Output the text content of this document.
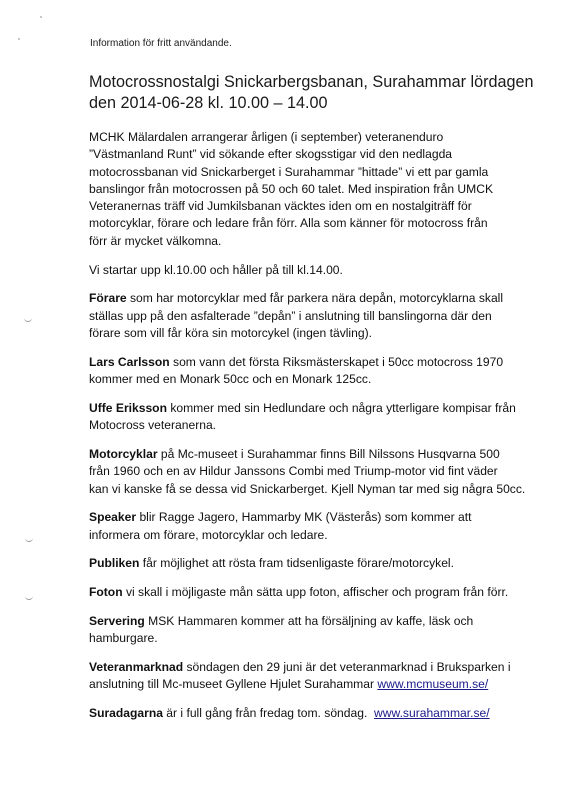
Information för fritt användande.
Motocrossnostalgi Snickarbergsbanan, Surahammar lördagen
den 2014-06-28 kl. 10.00 – 14.00

MCHK Mälardalen arrangerar årligen (i september) veteranenduro
”Västmanland Runt” vid sökande efter skogsstigar vid den nedlagda
motocrossbanan vid Snickarberget i Surahammar ”hittade” vi ett par gamla
banslingor från motocrossen på 50 och 60 talet. Med inspiration från UMCK
Veteranernas träff vid Jumkilsbanan väcktes iden om en nostalgiträff för
motorcyklar, förare och ledare från förr. Alla som känner för motocross från
förr är mycket välkomna.

Vi startar upp kl.10.00 och håller på till kl.14.00.

Förare som har motorcyklar med får parkera nära depån, motorcyklarna skall
ställas upp på den asfalterade ”depån” i anslutning till banslingorna där den
förare som vill får köra sin motorcykel (ingen tävling).

Lars Carlsson som vann det första Riksmästerskapet i 50cc motocross 1970
kommer med en Monark 50cc och en Monark 125cc.

Uffe Eriksson kommer med sin Hedlundare och några ytterligare kompisar från
Motocross veteranerna.

Motorcyklar på Mc-museet i Surahammar finns Bill Nilssons Husqvarna 500
från 1960 och en av Hildur Janssons Combi med Triump-motor vid fint väder
kan vi kanske få se dessa vid Snickarberget. Kjell Nyman tar med sig några 50cc.

Speaker blir Ragge Jagero, Hammarby MK (Västerås) som kommer att
informera om förare, motorcyklar och ledare.

Publiken får möjlighet att rösta fram tidsenligaste förare/motorcykel.

Foton vi skall i möjligaste mån sätta upp foton, affischer och program från förr.

Servering MSK Hammaren kommer att ha försäljning av kaffe, läsk och
hamburgare.

Veteranmarknad söndagen den 29 juni är det veteranmarknad i Bruksparken i
anslutning till Mc-museet Gyllene Hjulet Surahammar www.mcmuseum.se/

Suradagarna är i full gång från fredag tom. söndag.  www.surahammar.se/
